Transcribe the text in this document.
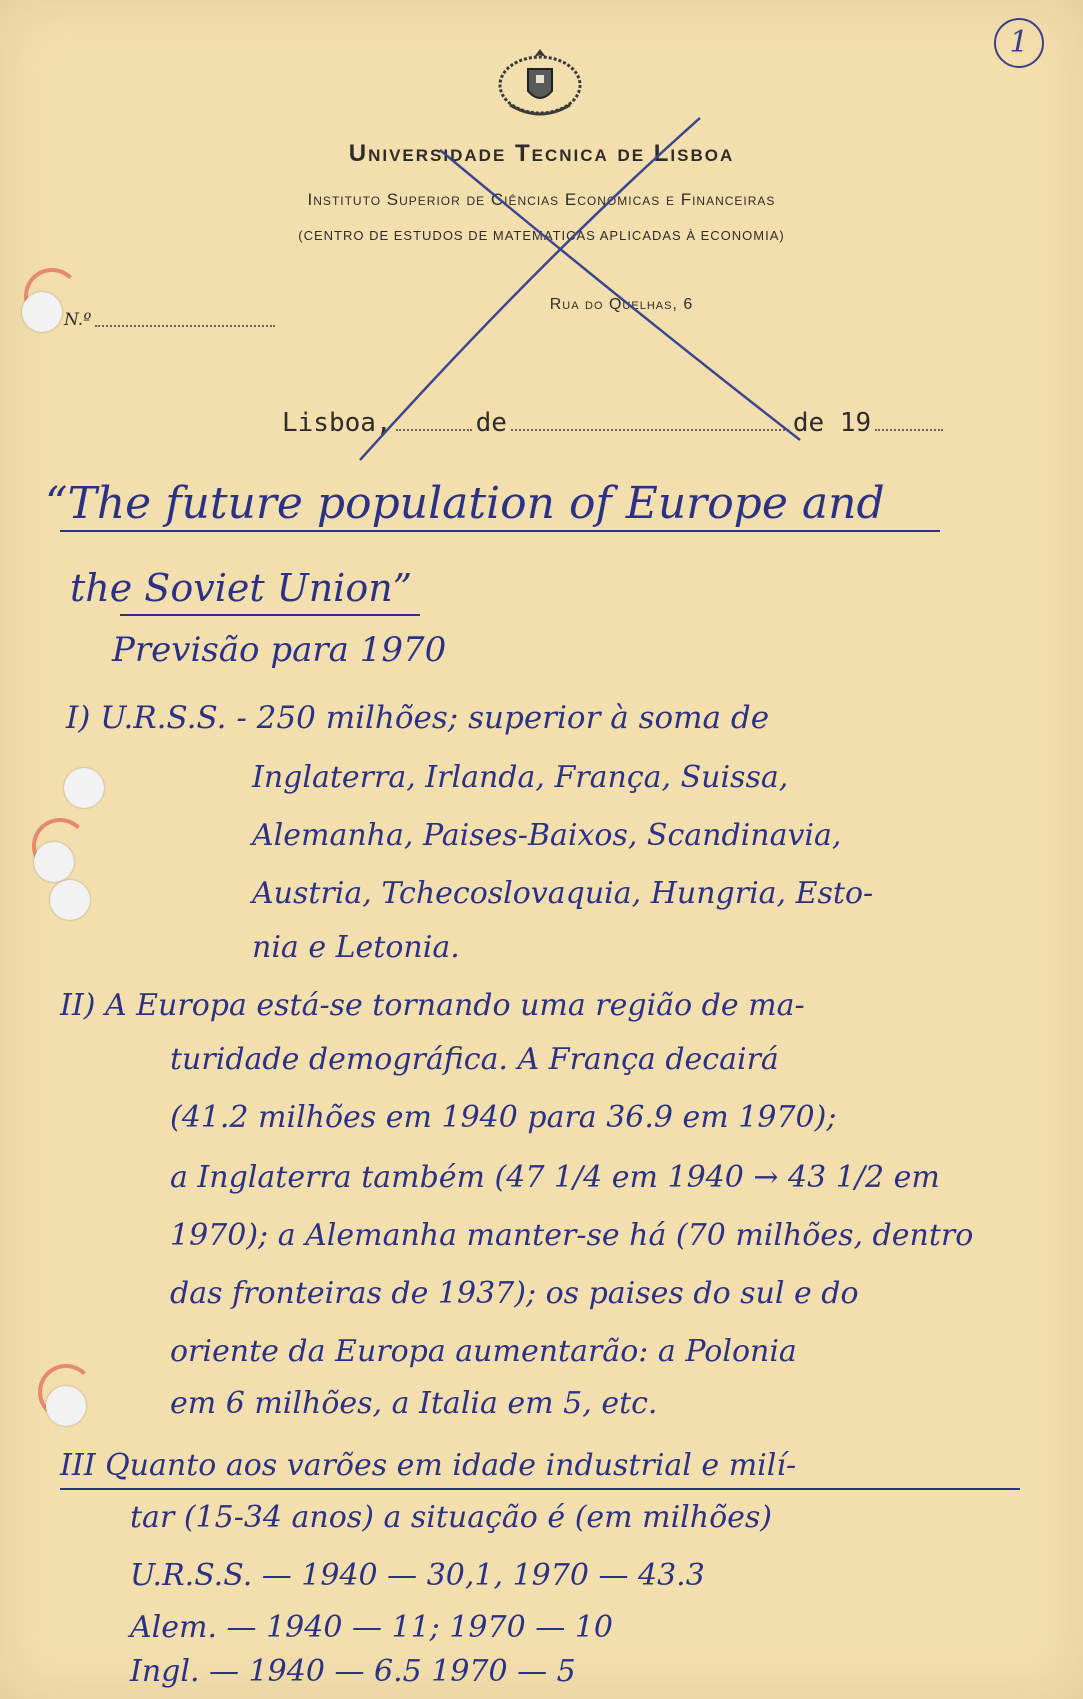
1
Universidade Tecnica de Lisboa
Instituto Superior de Ciências Economicas e Financeiras
(CENTRO DE ESTUDOS DE MATEMATICAS APLICADAS À ECONOMIA)
Rua do Quelhas, 6
N.º
Lisboa,	de	de 19
“The future population of Europe and
the Soviet Union”
Previsão para 1970
I) U.R.S.S. - 250 milhões; superior à soma de
Inglaterra, Irlanda, França, Suissa,
Alemanha, Paises-Baixos, Scandinavia,
Austria, Tchecoslovaquia, Hungria, Esto-
nia e Letonia.
II) A Europa está-se tornando uma região de ma-
turidade demográfica. A França decairá
(41.2 milhões em 1940 para 36.9 em 1970);
a Inglaterra também (47 1/4 em 1940 → 43 1/2 em
1970); a Alemanha manter-se há (70 milhões, dentro
das fronteiras de 1937); os paises do sul e do
oriente da Europa aumentarão: a Polonia
em 6 milhões, a Italia em 5, etc.
III Quanto aos varões em idade industrial e milí-
tar (15-34 anos) a situação é (em milhões)
U.R.S.S. — 1940 — 30,1, 1970 — 43.3
Alem. — 1940 — 11; 1970 — 10
Ingl. — 1940 — 6.5 1970 — 5
